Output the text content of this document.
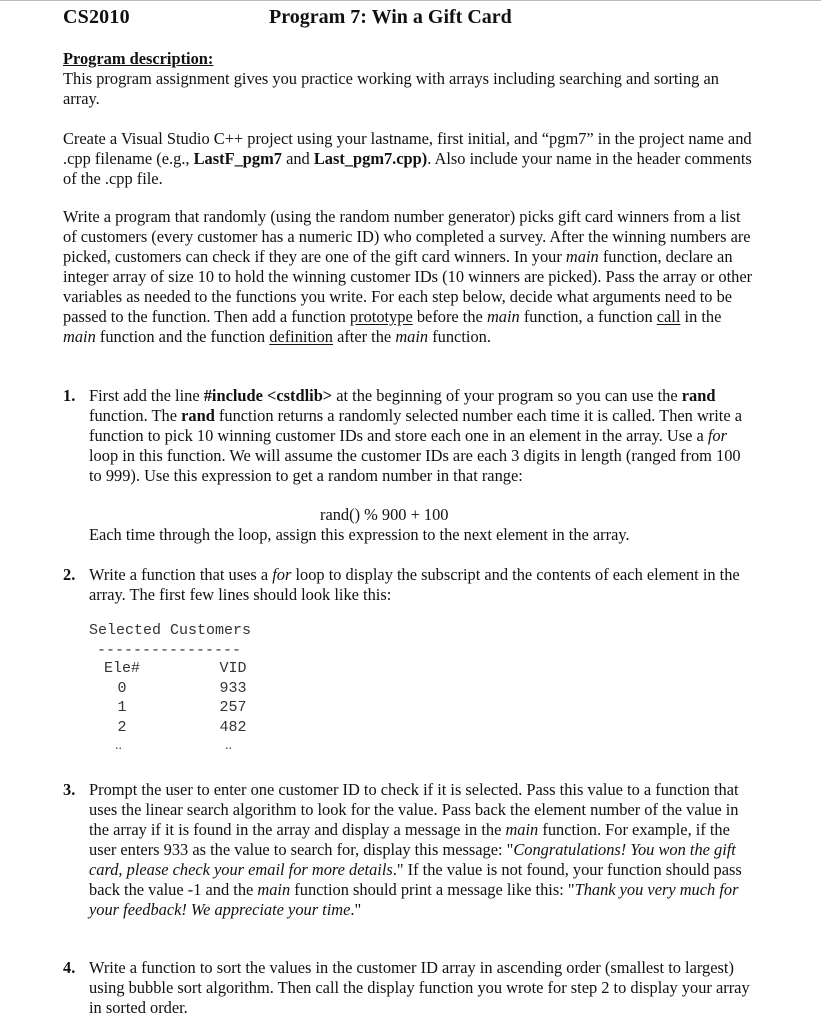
CS2010	Program 7: Win a Gift Card
Program description:
This program assignment gives you practice working with arrays including searching and sorting an array.
Create a Visual Studio C++ project using your lastname, first initial, and “pgm7” in the project name and .cpp filename (e.g., LastF_pgm7 and Last_pgm7.cpp). Also include your name in the header comments of the .cpp file.
Write a program that randomly (using the random number generator) picks gift card winners from a list of customers (every customer has a numeric ID) who completed a survey. After the winning numbers are picked, customers can check if they are one of the gift card winners. In your main function, declare an integer array of size 10 to hold the winning customer IDs (10 winners are picked). Pass the array or other variables as needed to the functions you write. For each step below, decide what arguments need to be passed to the function. Then add a function prototype before the main function, a function call in the main function and the function definition after the main function.
1. First add the line #include <cstdlib> at the beginning of your program so you can use the rand function. The rand function returns a randomly selected number each time it is called. Then write a function to pick 10 winning customer IDs and store each one in an element in the array. Use a for loop in this function. We will assume the customer IDs are each 3 digits in length (ranged from 100 to 999). Use this expression to get a random number in that range:
rand() % 900 + 100
Each time through the loop, assign this expression to the next element in the array.
2. Write a function that uses a for loop to display the subscript and the contents of each element in the array. The first few lines should look like this:
Selected Customers
----------------
Ele#
0
1
2
VID
933
257
482
..	..
3. Prompt the user to enter one customer ID to check if it is selected. Pass this value to a function that uses the linear search algorithm to look for the value. Pass back the element number of the value in the array if it is found in the array and display a message in the main function. For example, if the user enters 933 as the value to search for, display this message: "Congratulations! You won the gift card, please check your email for more details." If the value is not found, your function should pass back the value -1 and the main function should print a message like this: "Thank you very much for your feedback! We appreciate your time."
4. Write a function to sort the values in the customer ID array in ascending order (smallest to largest) using bubble sort algorithm. Then call the display function you wrote for step 2 to display your array in sorted order.
